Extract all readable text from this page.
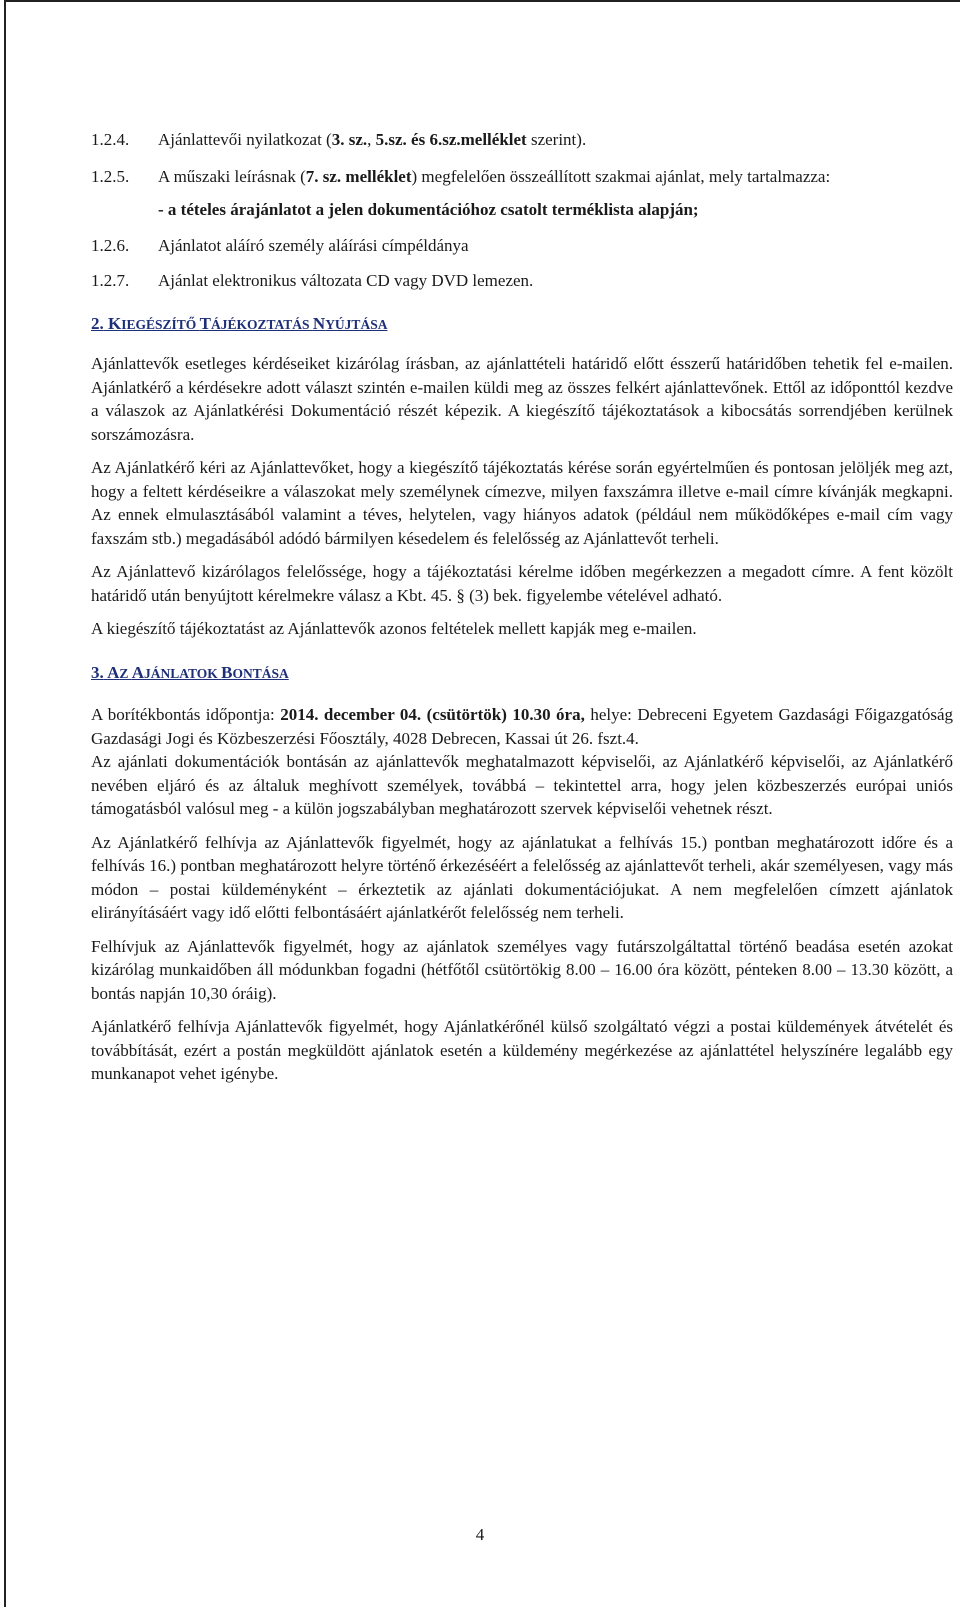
1.2.4.	Ajánlattevői nyilatkozat (3. sz., 5.sz. és 6.sz.melléklet szerint).
1.2.5.	A műszaki leírásnak (7. sz. melléklet) megfelelően összeállított szakmai ajánlat, mely tartalmazza:
- a tételes árajánlatot a jelen dokumentációhoz csatolt terméklista alapján;
1.2.6.	Ajánlatot aláíró személy aláírási címpéldánya
1.2.7.	Ajánlat elektronikus változata CD vagy DVD lemezen.
2. KIEGÉSZÍTŐ TÁJÉKOZTATÁS NYÚJTÁSA

Ajánlattevők esetleges kérdéseiket kizárólag írásban, az ajánlattételi határidő előtt ésszerű határidőben tehetik fel e-mailen. Ajánlatkérő a kérdésekre adott választ szintén e-mailen küldi meg az összes felkért ajánlattevőnek. Ettől az időponttól kezdve a válaszok az Ajánlatkérési Dokumentáció részét képezik. A kiegészítő tájékoztatások a kibocsátás sorrendjében kerülnek sorszámozásra.

Az Ajánlatkérő kéri az Ajánlattevőket, hogy a kiegészítő tájékoztatás kérése során egyértelműen és pontosan jelöljék meg azt, hogy a feltett kérdéseikre a válaszokat mely személynek címezve, milyen faxszámra illetve e-mail címre kívánják megkapni. Az ennek elmulasztásából valamint a téves, helytelen, vagy hiányos adatok (például nem működőképes e-mail cím vagy faxszám stb.) megadásából adódó bármilyen késedelem és felelősség az Ajánlattevőt terheli.

Az Ajánlattevő kizárólagos felelőssége, hogy a tájékoztatási kérelme időben megérkezzen a megadott címre. A fent közölt határidő után benyújtott kérelmekre válasz a Kbt. 45. § (3) bek. figyelembe vételével adható.

A kiegészítő tájékoztatást az Ajánlattevők azonos feltételek mellett kapják meg e-mailen.

3. AZ AJÁNLATOK BONTÁSA

A borítékbontás időpontja: 2014. december 04. (csütörtök) 10.30 óra, helye: Debreceni Egyetem Gazdasági Főigazgatóság Gazdasági Jogi és Közbeszerzési Főosztály, 4028 Debrecen, Kassai út 26. fszt.4.

Az ajánlati dokumentációk bontásán az ajánlattevők meghatalmazott képviselői, az Ajánlatkérő képviselői, az Ajánlatkérő nevében eljáró és az általuk meghívott személyek, továbbá – tekintettel arra, hogy jelen közbeszerzés európai uniós támogatásból valósul meg - a külön jogszabályban meghatározott szervek képviselői vehetnek részt.

Az Ajánlatkérő felhívja az Ajánlattevők figyelmét, hogy az ajánlatukat a felhívás 15.) pontban meghatározott időre és a felhívás 16.) pontban meghatározott helyre történő érkezéséért a felelősség az ajánlattevőt terheli, akár személyesen, vagy más módon – postai küldeményként – érkeztetik az ajánlati dokumentációjukat. A nem megfelelően címzett ajánlatok elirányításáért vagy idő előtti felbontásáért ajánlatkérőt felelősség nem terheli.

Felhívjuk az Ajánlattevők figyelmét, hogy az ajánlatok személyes vagy futárszolgáltattal történő beadása esetén azokat kizárólag munkaidőben áll módunkban fogadni (hétfőtől csütörtökig 8.00 – 16.00 óra között, pénteken 8.00 – 13.30 között, a bontás napján 10,30 óráig).

Ajánlatkérő felhívja Ajánlattevők figyelmét, hogy Ajánlatkérőnél külső szolgáltató végzi a postai küldemények átvételét és továbbítását, ezért a postán megküldött ajánlatok esetén a küldemény megérkezése az ajánlattétel helyszínére legalább egy munkanapot vehet igénybe.

4
